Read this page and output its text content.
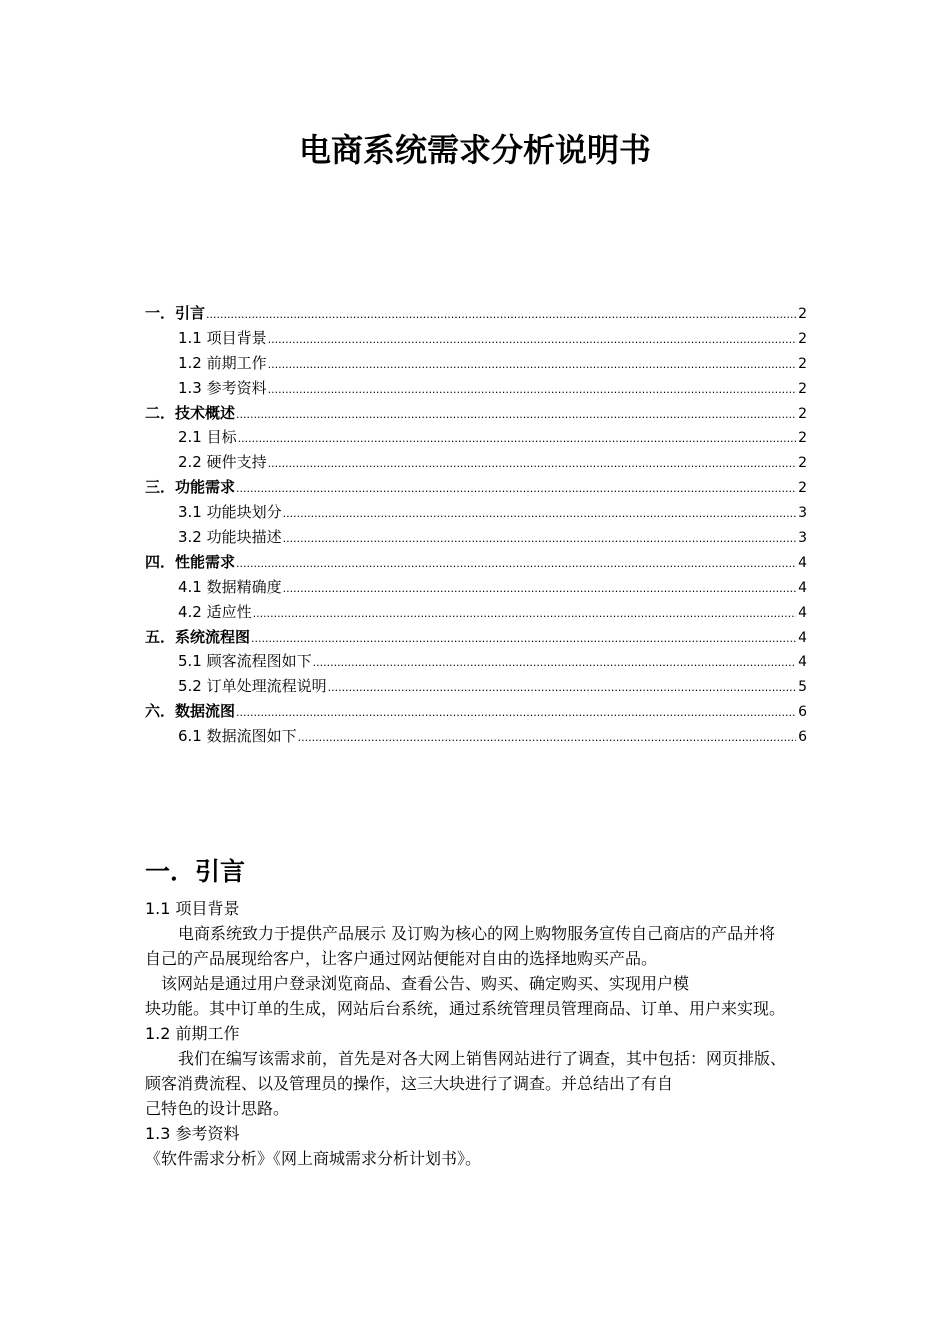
电商系统需求分析说明书
一．引言 .....	2
1.1 项目背景 .....	2
1.2 前期工作 .....	2
1.3 参考资料 .....	2
二．技术概述 .....	2
2.1 目标 .....	2
2.2 硬件支持 .....	2
三．功能需求 .....	2
3.1 功能块划分 .....	3
3.2 功能块描述 .....	3
四．性能需求 .....	4
4.1 数据精确度 .....	4
4.2 适应性 .....	4
五．系统流程图 .....	4
5.1 顾客流程图如下 .....	4
5.2 订单处理流程说明 .....	5
六．数据流图 .....	6
6.1 数据流图如下 .....	6
一．引言

1.1 项目背景

电商系统致力于提供产品展示 及订购为核心的网上购物服务宣传自己商店的产品并将

自己的产品展现给客户，让客户通过网站便能对自由的选择地购买产品。

该网站是通过用户登录浏览商品、查看公告、购买、确定购买、实现用户模

块功能。其中订单的生成，网站后台系统，通过系统管理员管理商品、订单、用户来实现。

1.2 前期工作

我们在编写该需求前，首先是对各大网上销售网站进行了调查，其中包括：网页排版、

顾客消费流程、以及管理员的操作，这三大块进行了调查。并总结出了有自

己特色的设计思路。

1.3 参考资料

《软件需求分析》《网上商城需求分析计划书》。
